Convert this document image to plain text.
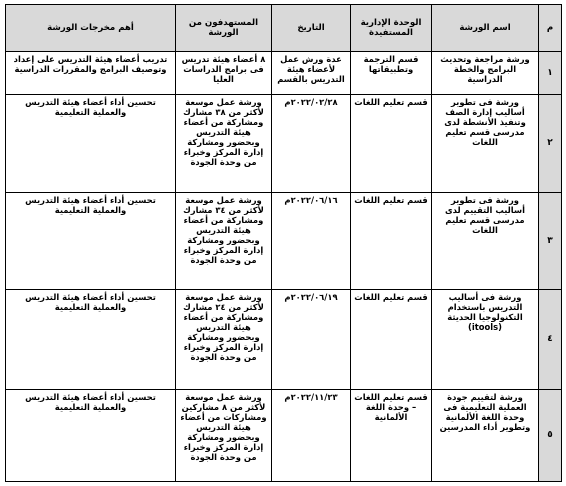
م	اسم الورشة	الوحدة الإدارية المستفيدة	التاريخ	المستهدفون من الورشة	أهم مخرجات الورشة
١	ورشة مراجعة وتحديث البرامج والخطة الدراسية	قسم الترجمة وتطبيقاتها	عدة ورش عمل لأعضاء هيئة التدريس بالقسم	٨ أعضاء هيئة تدريس فى برامج الدراسات العليا	تدريب أعضاء هيئة التدريس على إعداد وتوصيف البرامج والمقررات الدراسية
٢	ورشة فى تطوير أساليب إدارة الصف وتنفيذ الأنشطة لدى مدرسى قسم تعليم اللغات	قسم تعليم اللغات	٢٠٢٢/٠٢/٢٨م	ورشة عمل موسعة لأكثر من ٣٨ مشارك ومشاركة من أعضاء هيئة التدريس وبحضور ومشاركة إدارة المركز وخبراء من وحدة الجودة	تحسين أداء أعضاء هيئة التدريس والعملية التعليمية
٣	ورشة فى تطوير أساليب التقييم لدى مدرسى قسم تعليم اللغات	قسم تعليم اللغات	٢٠٢٢/٠٦/١٦م	ورشة عمل موسعة لأكثر من ٣٤ مشارك ومشاركة من أعضاء هيئة التدريس وبحضور ومشاركة إدارة المركز وخبراء من وحدة الجودة	تحسين أداء أعضاء هيئة التدريس والعملية التعليمية
٤	ورشة فى أساليب التدريس باستخدام التكنولوجيا الحديثة (itools)	قسم تعليم اللغات	٢٠٢٢/٠٦/١٩م	ورشة عمل موسعة لأكثر من ٢٤ مشارك ومشاركة من أعضاء هيئة التدريس وبحضور ومشاركة إدارة المركز وخبراء من وحدة الجودة	تحسين أداء أعضاء هيئة التدريس والعملية التعليمية
٥	ورشة لتقييم جودة العملية التعليمية فى وحدة اللغة الألمانية وتطوير أداء المدرسين	قسم تعليم اللغات – وحدة اللغة الألمانية	٢٠٢٢/١١/٢٣م	ورشة عمل موسعة لأكثر من ٨ مشاركين ومشاركات من أعضاء هيئة التدريس وبحضور ومشاركة إدارة المركز وخبراء من وحدة الجودة	تحسين أداء أعضاء هيئة التدريس والعملية التعليمية
